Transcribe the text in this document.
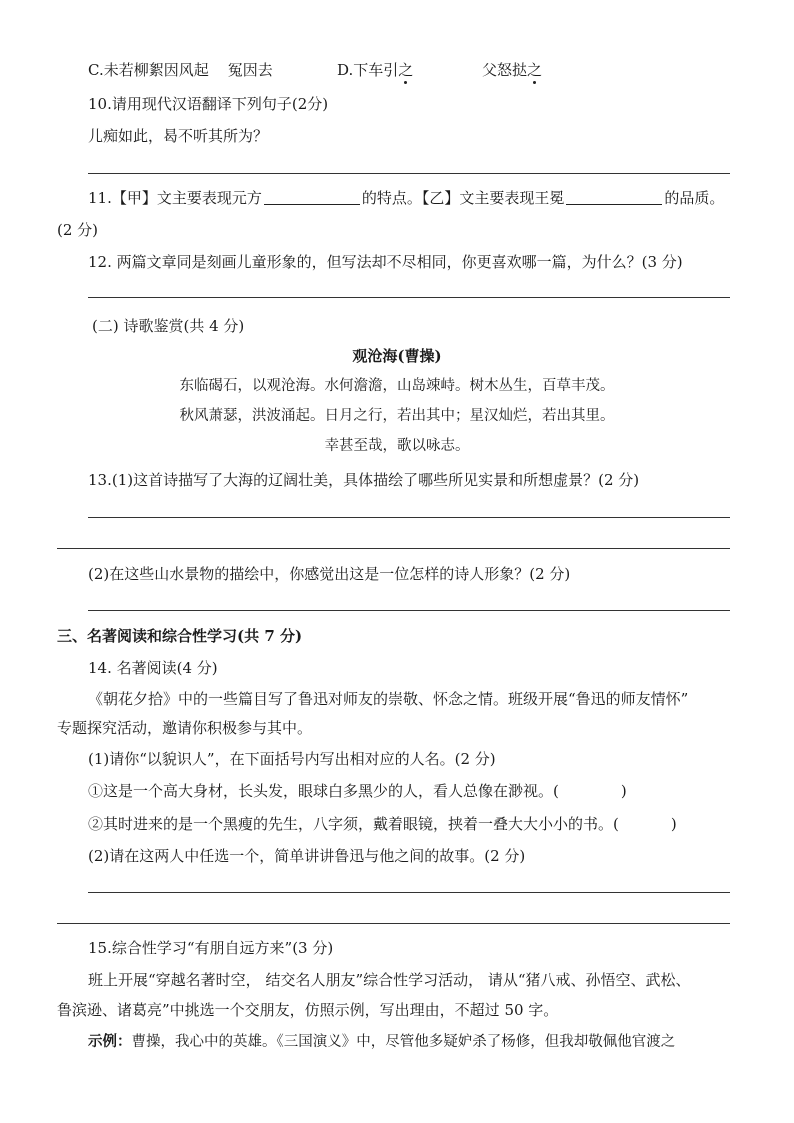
C.未若柳絮因风起 冤因去	D.下车引之	父怒挞之
10.请用现代汉语翻译下列句子(2分)
儿痴如此，曷不听其所为？
11.【甲】文主要表现元方	的特点。【乙】文主要表现王冕	的品质。
(2 分)
12. 两篇文章同是刻画儿童形象的，但写法却不尽相同，你更喜欢哪一篇，为什么？(3 分)
(二) 诗歌鉴赏(共 4 分)
观沧海(曹操)
东临碣石，以观沧海。水何澹澹，山岛竦峙。树木丛生，百草丰茂。
秋风萧瑟，洪波涌起。日月之行，若出其中；星汉灿烂，若出其里。
幸甚至哉，歌以咏志。
13.(1)这首诗描写了大海的辽阔壮美，具体描绘了哪些所见实景和所想虚景？(2 分)
(2)在这些山水景物的描绘中，你感觉出这是一位怎样的诗人形象？(2 分)
三、名著阅读和综合性学习(共 7 分)
14. 名著阅读(4 分)
《朝花夕拾》中的一些篇目写了鲁迅对师友的崇敬、怀念之情。班级开展“鲁迅的师友情怀”
专题探究活动，邀请你积极参与其中。
(1)请你“以貌识人”，在下面括号内写出相对应的人名。(2 分)
①这是一个高大身材，长头发，眼球白多黑少的人，看人总像在渺视。(	)
②其时进来的是一个黑瘦的先生，八字须，戴着眼镜，挟着一叠大大小小的书。(	)
(2)请在这两人中任选一个，简单讲讲鲁迅与他之间的故事。(2 分)
15.综合性学习“有朋自远方来”(3 分)
班上开展“穿越名著时空， 结交名人朋友”综合性学习活动， 请从“猪八戒、孙悟空、武松、
鲁滨逊、诸葛亮”中挑选一个交朋友，仿照示例，写出理由，不超过 50 字。
示例：曹操，我心中的英雄。《三国演义》中，尽管他多疑妒杀了杨修，但我却敬佩他官渡之
